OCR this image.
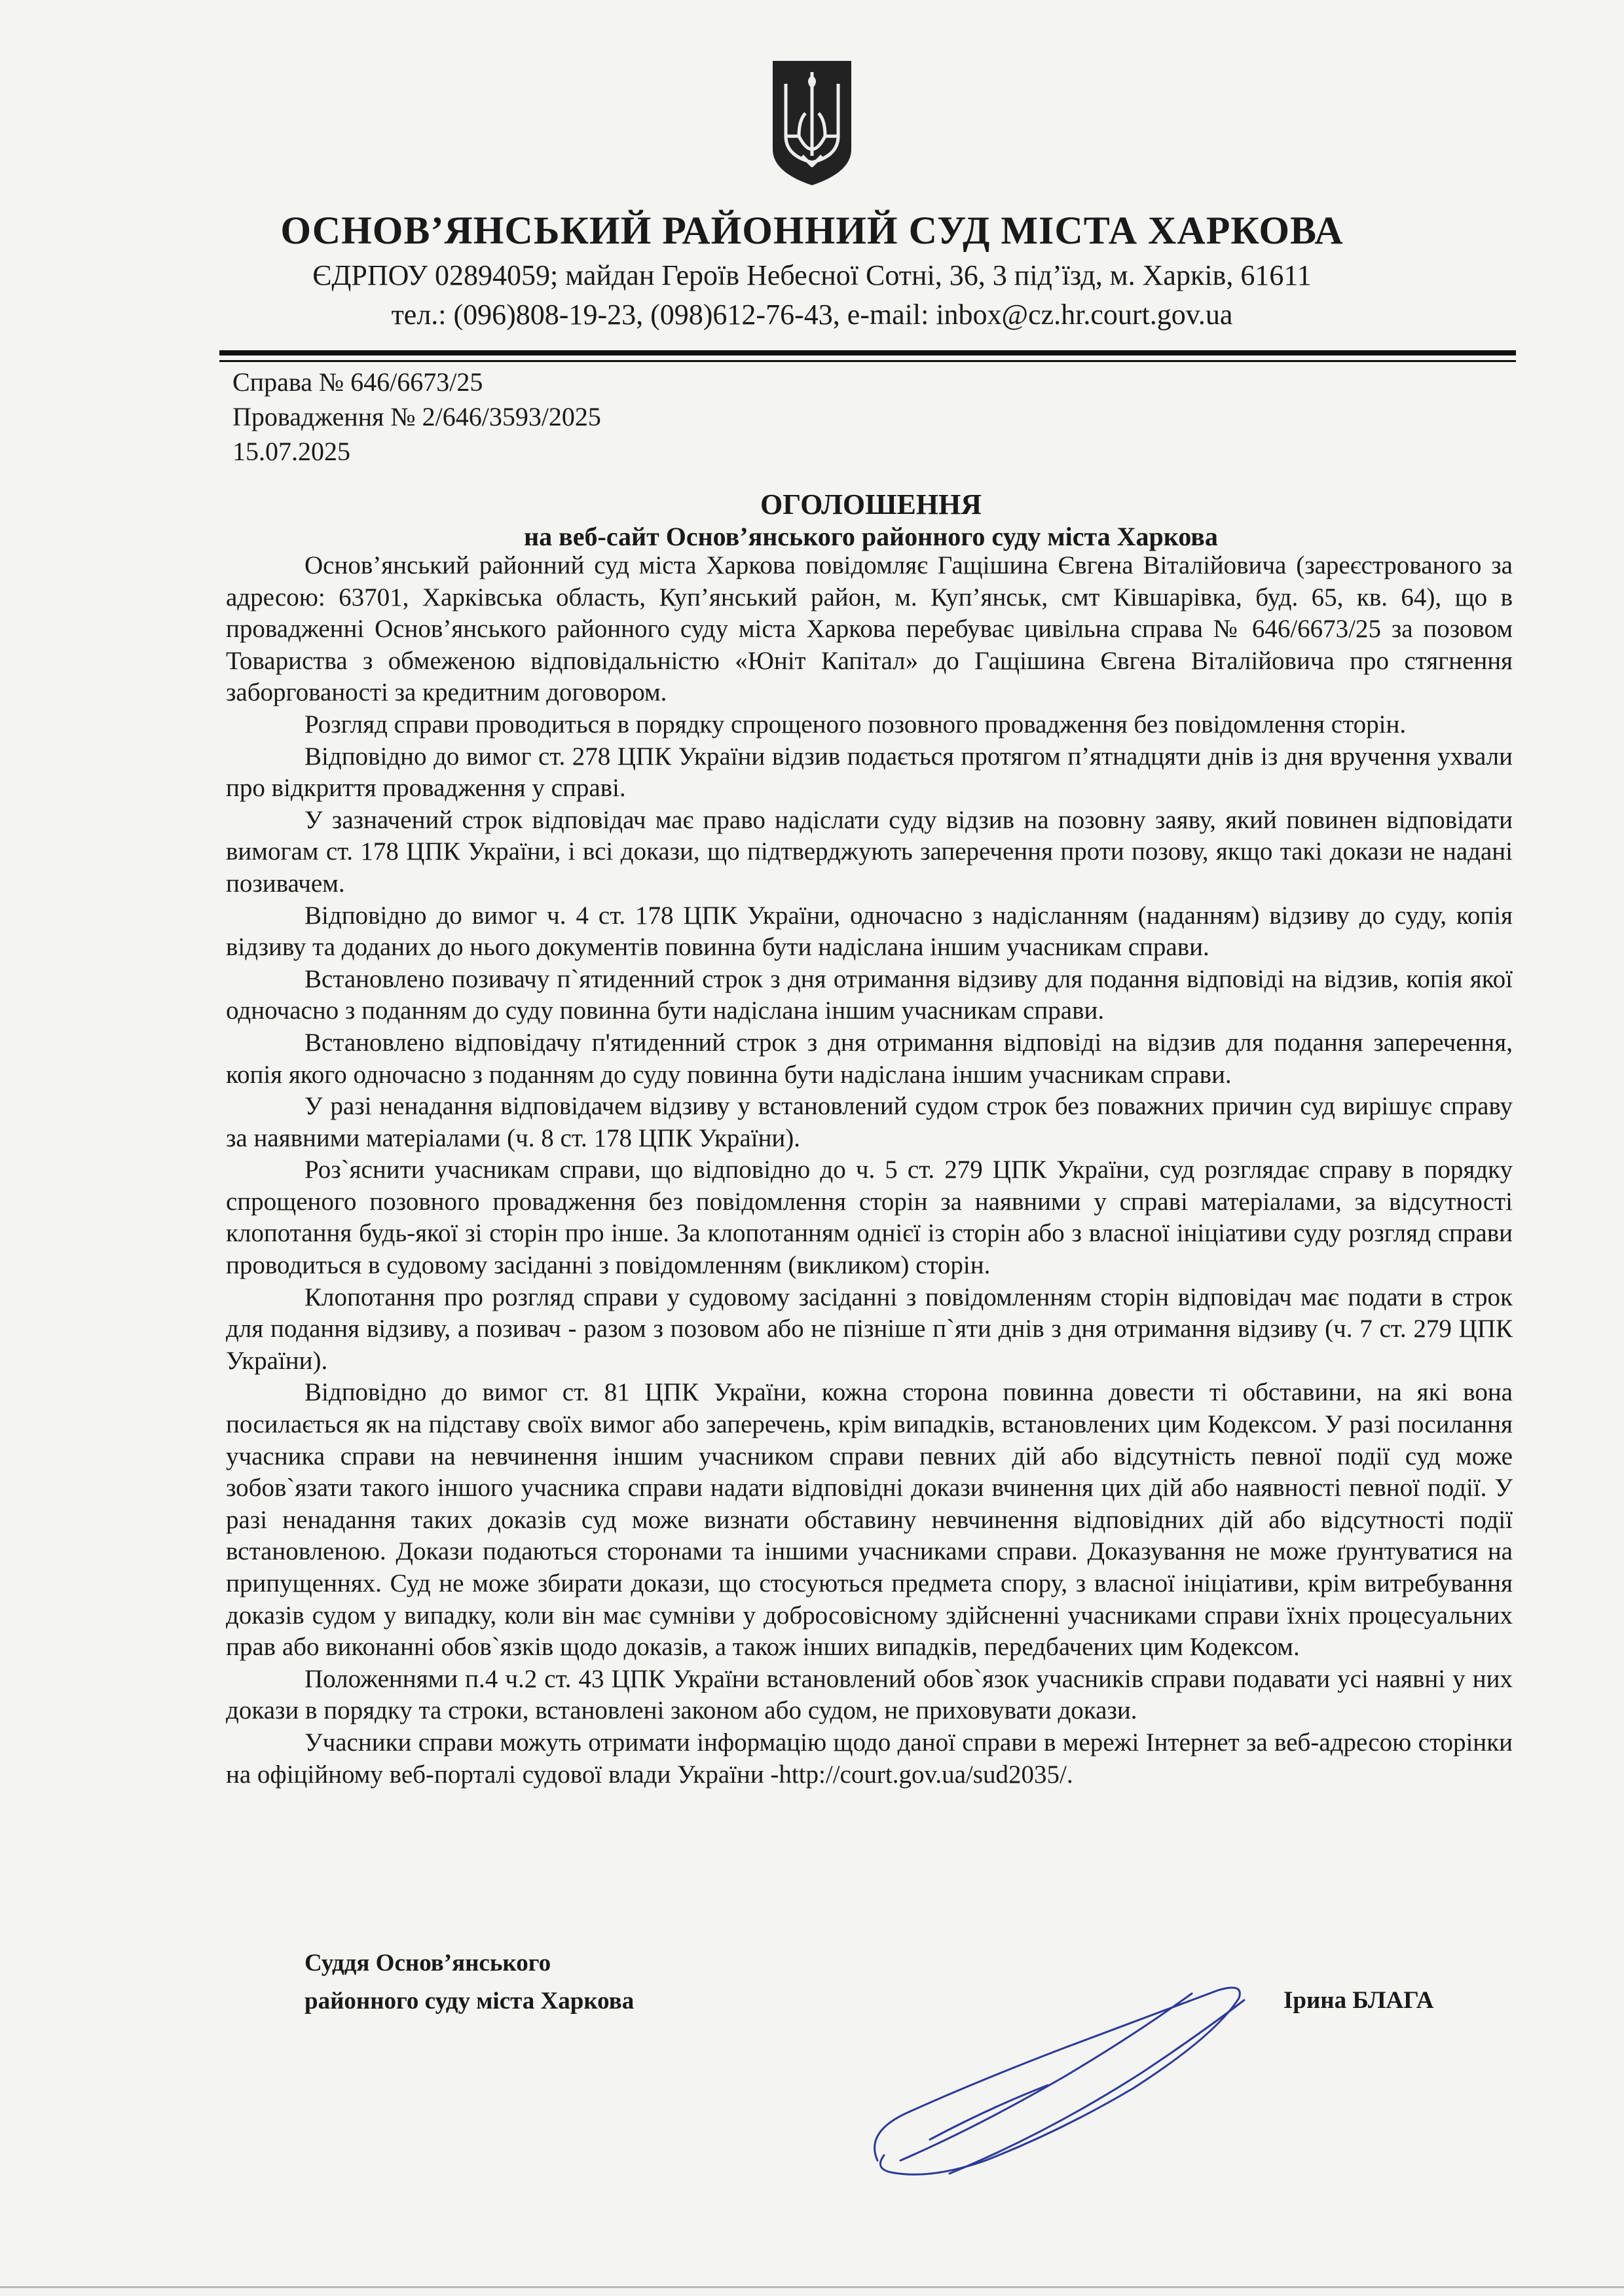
ОСНОВ’ЯНСЬКИЙ РАЙОННИЙ СУД МІСТА ХАРКОВА
ЄДРПОУ 02894059; майдан Героїв Небесної Сотні, 36, 3 під’їзд, м. Харків, 61611
тел.: (096)808-19-23, (098)612-76-43, e-mail: inbox@cz.hr.court.gov.ua
Справа № 646/6673/25
Провадження № 2/646/3593/2025
15.07.2025
ОГОЛОШЕННЯ
на веб-сайт Основ’янського районного суду міста Харкова

Основ’янський районний суд міста Харкова повідомляє Гащішина Євгена Віталійовича (зареєстрованого за адресою: 63701, Харківська область, Куп’янський район, м. Куп’янськ, смт Ківшарівка, буд. 65, кв. 64), що в провадженні Основ’янського районного суду міста Харкова перебуває цивільна справа № 646/6673/25 за позовом Товариства з обмеженою відповідальністю «Юніт Капітал» до Гащішина Євгена Віталійовича про стягнення заборгованості за кредитним договором.

Розгляд справи проводиться в порядку спрощеного позовного провадження без повідомлення сторін.

Відповідно до вимог ст. 278 ЦПК України відзив подається протягом п’ятнадцяти днів із дня вручення ухвали про відкриття провадження у справі.

У зазначений строк відповідач має право надіслати суду відзив на позовну заяву, який повинен відповідати вимогам ст. 178 ЦПК України, і всі докази, що підтверджують заперечення проти позову, якщо такі докази не надані позивачем.

Відповідно до вимог ч. 4 ст. 178 ЦПК України, одночасно з надісланням (наданням) відзиву до суду, копія відзиву та доданих до нього документів повинна бути надіслана іншим учасникам справи.

Встановлено позивачу п`ятиденний строк з дня отримання відзиву для подання відповіді на відзив, копія якої одночасно з поданням до суду повинна бути надіслана іншим учасникам справи.

Встановлено відповідачу п'ятиденний строк з дня отримання відповіді на відзив для подання заперечення, копія якого одночасно з поданням до суду повинна бути надіслана іншим учасникам справи.

У разі ненадання відповідачем відзиву у встановлений судом строк без поважних причин суд вирішує справу за наявними матеріалами (ч. 8 ст. 178 ЦПК України).

Роз`яснити учасникам справи, що відповідно до ч. 5 ст. 279 ЦПК України, суд розглядає справу в порядку спрощеного позовного провадження без повідомлення сторін за наявними у справі матеріалами, за відсутності клопотання будь-якої зі сторін про інше. За клопотанням однієї із сторін або з власної ініціативи суду розгляд справи проводиться в судовому засіданні з повідомленням (викликом) сторін.

Клопотання про розгляд справи у судовому засіданні з повідомленням сторін відповідач має подати в строк для подання відзиву, а позивач - разом з позовом або не пізніше п`яти днів з дня отримання відзиву (ч. 7 ст. 279 ЦПК України).

Відповідно до вимог ст. 81 ЦПК України, кожна сторона повинна довести ті обставини, на які вона посилається як на підставу своїх вимог або заперечень, крім випадків, встановлених цим Кодексом. У разі посилання учасника справи на невчинення іншим учасником справи певних дій або відсутність певної події суд може зобов`язати такого іншого учасника справи надати відповідні докази вчинення цих дій або наявності певної події. У разі ненадання таких доказів суд може визнати обставину невчинення відповідних дій або відсутності події встановленою. Докази подаються сторонами та іншими учасниками справи. Доказування не може ґрунтуватися на припущеннях. Суд не може збирати докази, що стосуються предмета спору, з власної ініціативи, крім витребування доказів судом у випадку, коли він має сумніви у добросовісному здійсненні учасниками справи їхніх процесуальних прав або виконанні обов`язків щодо доказів, а також інших випадків, передбачених цим Кодексом.

Положеннями п.4 ч.2 ст. 43 ЦПК України встановлений обов`язок учасників справи подавати усі наявні у них докази в порядку та строки, встановлені законом або судом, не приховувати докази.

Учасники справи можуть отримати інформацію щодо даної справи в мережі Інтернет за веб-адресою сторінки на офіційному веб-порталі судової влади України -http://court.gov.ua/sud2035/.

Суддя Основ’янського
районного суду міста Харкова	Ірина БЛАГА
